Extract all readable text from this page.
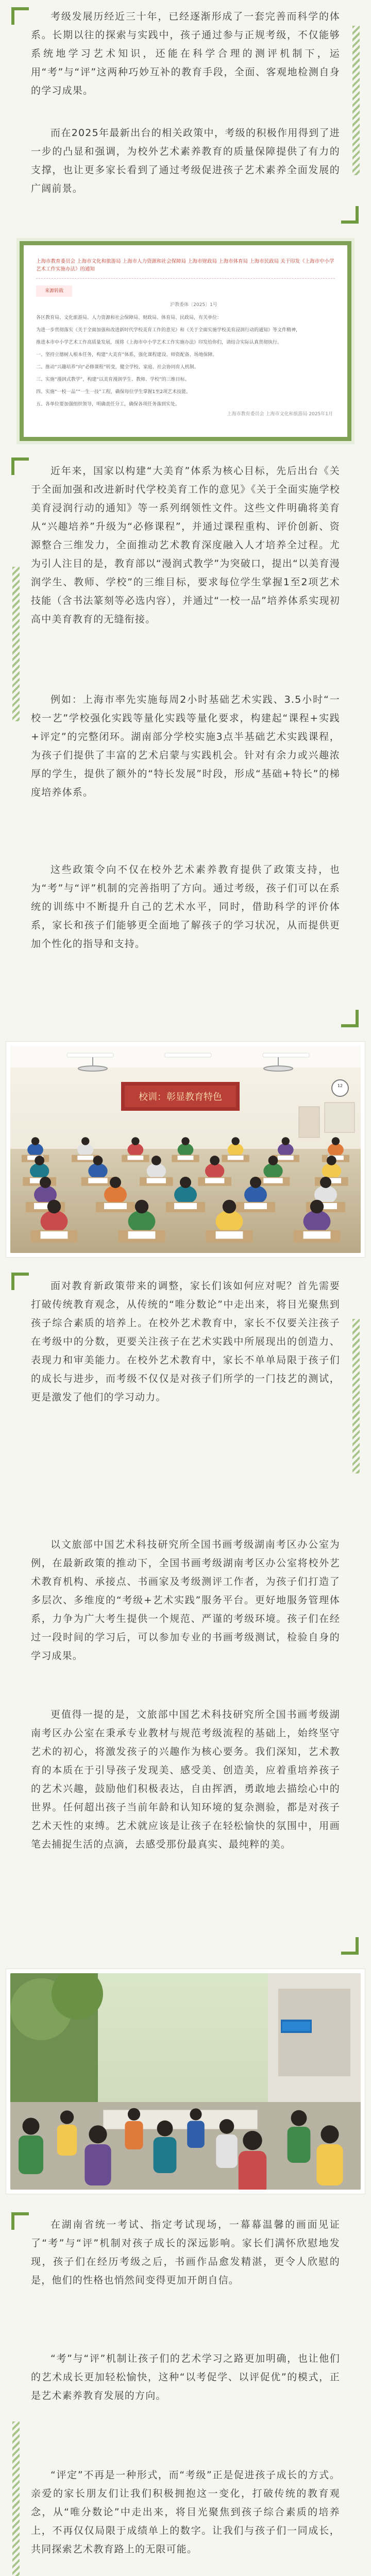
考级发展历经近三十年，已经逐渐形成了一套完善而科学的体系。长期以往的探索与实践中，孩子通过参与正规考级，不仅能够系统地学习艺术知识，还能在科学合理的测评机制下，运用“考”与“评”这两种巧妙互补的教育手段，全面、客观地检测自身的学习成果。

而在2025年最新出台的相关政策中，考级的积极作用得到了进一步的凸显和强调，为校外艺术素养教育的质量保障提供了有力的支撑，也让更多家长看到了通过考级促进孩子艺术素养全面发展的广阔前景。

上海市教育委员会 上海市文化和旅游局 上海市人力资源和社会保障局 上海市财政局 上海市体育局 上海市民政局 关于印发《上海市中小学艺术工作实施办法》的通知
来源转载
沪教委体〔2025〕1号
各区教育局、文化旅游局、人力资源和社会保障局、财政局、体育局、民政局，有关单位：
为进一步贯彻落实《关于全面加强和改进新时代学校美育工作的意见》和《关于全面实施学校美育浸润行动的通知》等文件精神，
推进本市中小学艺术工作高质量发展，现将《上海市中小学艺术工作实施办法》印发给你们，请结合实际认真贯彻执行。
一、坚持立德树人根本任务，构建“大美育”体系，强化课程建设、师资配备、场地保障。
二、推动“兴趣培养”向“必修课程”转变，健全学校、家庭、社会协同育人机制。
三、实施“漫润式教学”，构建“以美育漫润学生、教师、学校”的三维目标。
四、实施“一校一品”“一生一技”工程，确保每位学生掌握1至2项艺术技能。
五、各单位要加强组织领导，明确责任分工，确保各项任务落到实处。
上海市教育委员会 上海市文化和旅游局 2025年1月

近年来，国家以构建“大美育”体系为核心目标，先后出台《关于全面加强和改进新时代学校美育工作的意见》《关于全面实施学校美育浸润行动的通知》等一系列纲领性文件。这些文件明确将美育从“兴趣培养”升级为“必修课程”，并通过课程重构、评价创新、资源整合三维发力，全面推动艺术教育深度融入人才培养全过程。尤为引人注目的是，教育部以“漫润式教学”为突破口，提出“以美育漫润学生、教师、学校”的三维目标，要求每位学生掌握1至2项艺术技能（含书法篆刻等必选内容），并通过“一校一品”培养体系实现初高中美育教育的无缝衔接。

例如：上海市率先实施每周2小时基础艺术实践、3.5小时“一校一艺”学校强化实践等量化实践等量化要求，构建起“课程+实践+评定”的完整闭环。湖南部分学校实施3点半基础艺术实践课程，为孩子们提供了丰富的艺术启蒙与实践机会。针对有余力或兴趣浓厚的学生，提供了额外的“特长发展”时段，形成“基础+特长”的梯度培养体系。

这些政策令向不仅在校外艺术素养教育提供了政策支持，也为“考”与“评”机制的完善指明了方向。通过考级，孩子们可以在系统的训练中不断提升自己的艺术水平，同时，借助科学的评价体系，家长和孩子们能够更全面地了解孩子的学习状况，从而提供更加个性化的指导和支持。

校训：彰显教育特色
12

面对教育新政策带来的调整，家长们该如何应对呢？首先需要打破传统教育观念，从传统的“唯分数论”中走出来，将目光聚焦到孩子综合素质的培养上。在校外艺术教育中，家长不仅要关注孩子在考级中的分数，更要关注孩子在艺术实践中所展现出的创造力、表现力和审美能力。在校外艺术教育中，家长不单单局限于孩子们的成长与进步，而考级不仅仅是对孩子们所学的一门技艺的测试，更是激发了他们的学习动力。

以文旅部中国艺术科技研究所全国书画考级湖南考区办公室为例，在最新政策的推动下，全国书画考级湖南考区办公室将校外艺术教育机构、承接点、书画家及考级测评工作者，为孩子们打造了多层次、多维度的“考级+艺术实践”服务平台。更好地服务管理体系，力争为广大考生提供一个规范、严谨的考级环境。孩子们在经过一段时间的学习后，可以参加专业的书画考级测试，检验自身的学习成果。

更值得一提的是，文旅部中国艺术科技研究所全国书画考级湖南考区办公室在秉承专业教材与规范考级流程的基础上，始终坚守艺术的初心，将激发孩子的兴趣作为核心要务。我们深知，艺术教育的本质在于引导孩子发现美、感受美、创造美，应着重培养孩子的艺术兴趣，鼓励他们积极表达，自由挥洒，勇敢地去描绘心中的世界。任何超出孩子当前年龄和认知环境的复杂测验，都是对孩子艺术天性的束缚。艺术就应该是让孩子在轻松愉快的氛围中，用画笔去捕捉生活的点滴，去感受那份最真实、最纯粹的美。

在湖南省统一考试、指定考试现场，一幕幕温馨的画面见证了“考”与“评”机制对孩子成长的深远影响。家长们满怀欣慰地发现，孩子们在经历考级之后，书画作品愈发精湛，更令人欣慰的是，他们的性格也悄然间变得更加开朗自信。

“考”与“评”机制让孩子们的艺术学习之路更加明确，也让他们的艺术成长更加轻松愉快，这种“以考促学、以评促优”的模式，正是艺术素养教育发展的方向。

“评定”不再是一种形式，而“考级”正是促进孩子成长的方式。亲爱的家长朋友们让我们积极拥抱这一变化，打破传统的教育观念，从“唯分数论”中走出来，将目光聚焦到孩子综合素质的培养上，不再仅仅局限于成绩单上的数字。让我们与孩子们一同成长，共同探索艺术教育路上的无限可能。
